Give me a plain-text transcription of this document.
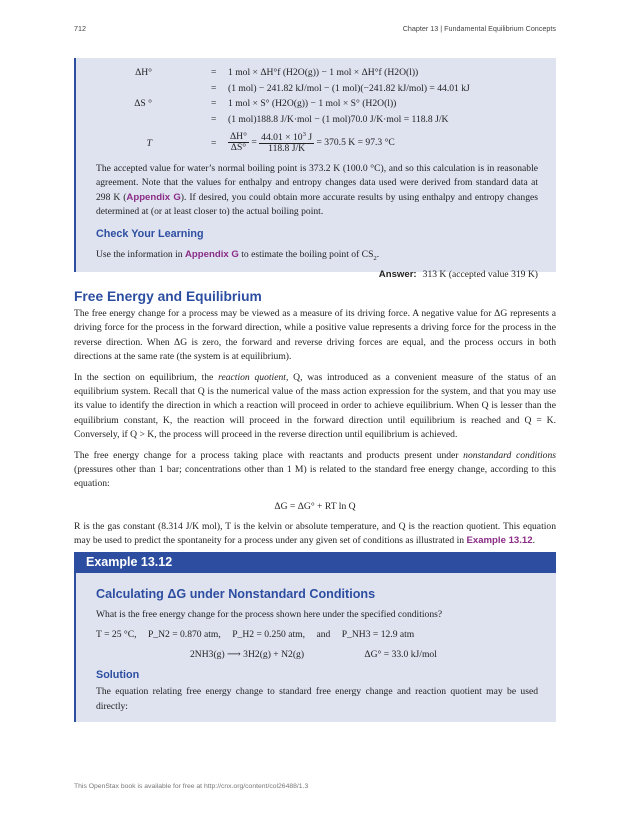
712	Chapter 13 | Fundamental Equilibrium Concepts
ΔH°	= 1 mol × ΔH°f (H2O(g)) − 1 mol × ΔH°f (H2O(l))
= (1 mol) − 241.82 kJ/mol − (1 mol)(−241.82 kJ/mol) = 44.01 kJ
ΔS °	= 1 mol × S° (H2O(g)) − 1 mol × S° (H2O(l))
= (1 mol)188.8 J/K·mol − (1 mol)70.0 J/K·mol = 118.8 J/K
T	= $\frac{\Delta H^\circ}{\Delta S^\circ} = \frac{44.01 \times 10^3 J}{118.8 J/K} = 370.5$ K = 97.3 °C

The accepted value for water’s normal boiling point is 373.2 K (100.0 °C), and so this calculation is in reasonable agreement. Note that the values for enthalpy and entropy changes data used were derived from standard data at 298 K (Appendix G). If desired, you could obtain more accurate results by using enthalpy and entropy changes determined at (or at least closer to) the actual boiling point.

Check Your Learning

Use the information in Appendix G to estimate the boiling point of $CS_2$.

Answer: 313 K (accepted value 319 K)

Free Energy and Equilibrium

The free energy change for a process may be viewed as a measure of its driving force. A negative value for ΔG represents a driving force for the process in the forward direction, while a positive value represents a driving force for the process in the reverse direction. When ΔG is zero, the forward and reverse driving forces are equal, and the process occurs in both directions at the same rate (the system is at equilibrium).

In the section on equilibrium, the reaction quotient, Q, was introduced as a convenient measure of the status of an equilibrium system. Recall that Q is the numerical value of the mass action expression for the system, and that you may use its value to identify the direction in which a reaction will proceed in order to achieve equilibrium. When Q is lesser than the equilibrium constant, K, the reaction will proceed in the forward direction until equilibrium is reached and Q = K. Conversely, if Q > K, the process will proceed in the reverse direction until equilibrium is achieved.

The free energy change for a process taking place with reactants and products present under nonstandard conditions (pressures other than 1 bar; concentrations other than 1 M) is related to the standard free energy change, according to this equation:

ΔG = ΔG° + RT ln Q

R is the gas constant (8.314 J/K mol), T is the kelvin or absolute temperature, and Q is the reaction quotient. This equation may be used to predict the spontaneity for a process under any given set of conditions as illustrated in Example 13.12.

Example 13.12
Calculating ΔG under Nonstandard Conditions

What is the free energy change for the process shown here under the specified conditions?

T = 25 °C, P_N2 = 0.870 atm, P_H2 = 0.250 atm, and P_NH3 = 12.9 atm
2NH3(g) ⟶ 3H2(g) + N2(g)	ΔG° = 33.0 kJ/mol
Solution

The equation relating free energy change to standard free energy change and reaction quotient may be used directly:

This OpenStax book is available for free at http://cnx.org/content/col26488/1.3
